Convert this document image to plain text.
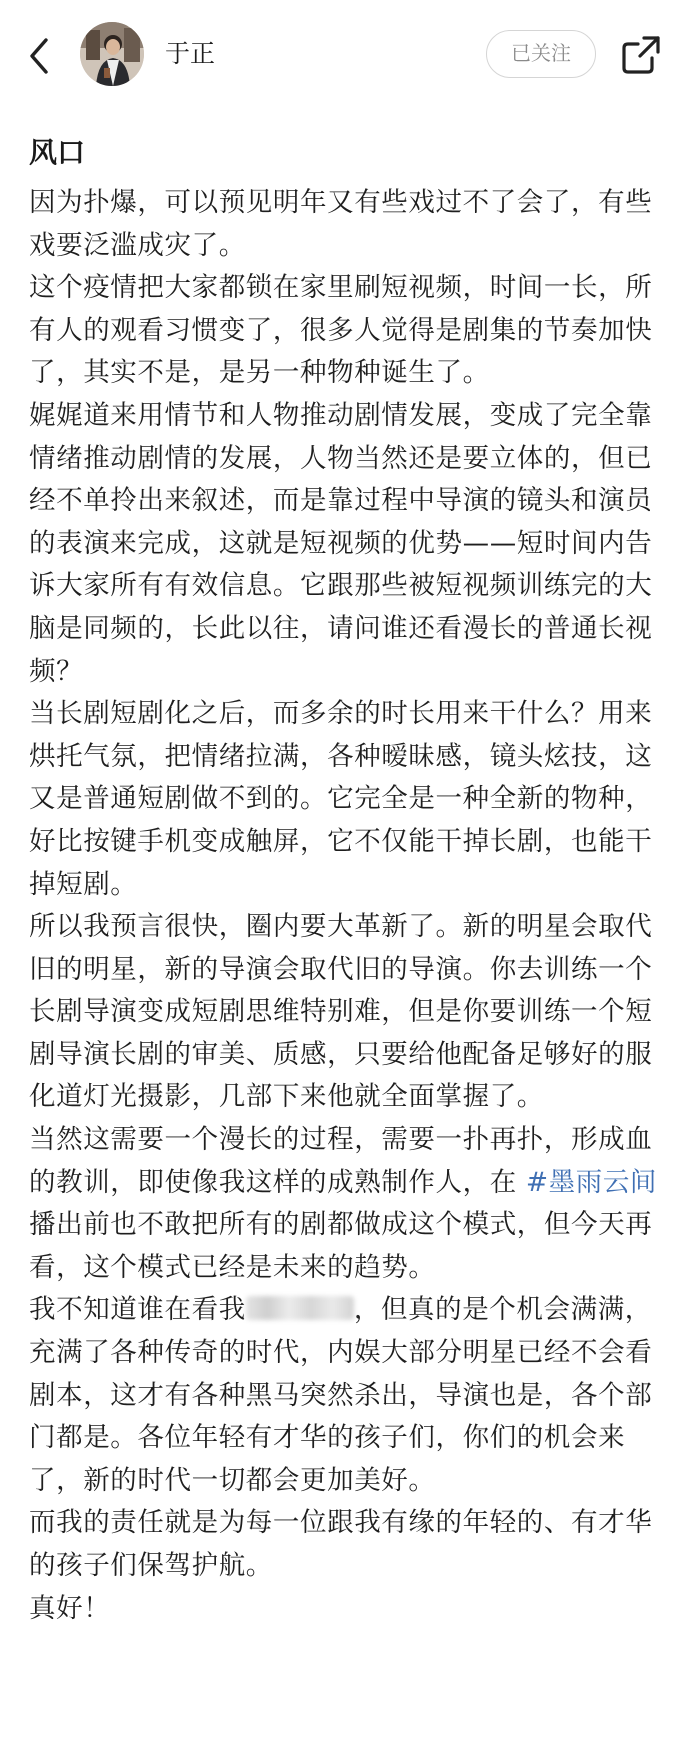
于正	已关注
风口

因为扑爆，可以预见明年又有些戏过不了会了，有些戏要泛滥成灾了。

这个疫情把大家都锁在家里刷短视频，时间一长，所有人的观看习惯变了，很多人觉得是剧集的节奏加快了，其实不是，是另一种物种诞生了。

娓娓道来用情节和人物推动剧情发展，变成了完全靠情绪推动剧情的发展，人物当然还是要立体的，但已经不单拎出来叙述，而是靠过程中导演的镜头和演员的表演来完成，这就是短视频的优势——短时间内告诉大家所有有效信息。它跟那些被短视频训练完的大脑是同频的，长此以往，请问谁还看漫长的普通长视频？

当长剧短剧化之后，而多余的时长用来干什么？用来烘托气氛，把情绪拉满，各种暧昧感，镜头炫技，这又是普通短剧做不到的。它完全是一种全新的物种，好比按键手机变成触屏，它不仅能干掉长剧，也能干掉短剧。

所以我预言很快，圈内要大革新了。新的明星会取代旧的明星，新的导演会取代旧的导演。你去训练一个长剧导演变成短剧思维特别难，但是你要训练一个短剧导演长剧的审美、质感，只要给他配备足够好的服化道灯光摄影，几部下来他就全面掌握了。

当然这需要一个漫长的过程，需要一扑再扑，形成血的教训，即使像我这样的成熟制作人，在 #墨雨云间 播出前也不敢把所有的剧都做成这个模式，但今天再看，这个模式已经是未来的趋势。

我不知道谁在看我	，但真的是个机会满满，充满了各种传奇的时代，内娱大部分明星已经不会看剧本，这才有各种黑马突然杀出，导演也是，各个部门都是。各位年轻有才华的孩子们，你们的机会来了，新的时代一切都会更加美好。

而我的责任就是为每一位跟我有缘的年轻的、有才华的孩子们保驾护航。

真好！
